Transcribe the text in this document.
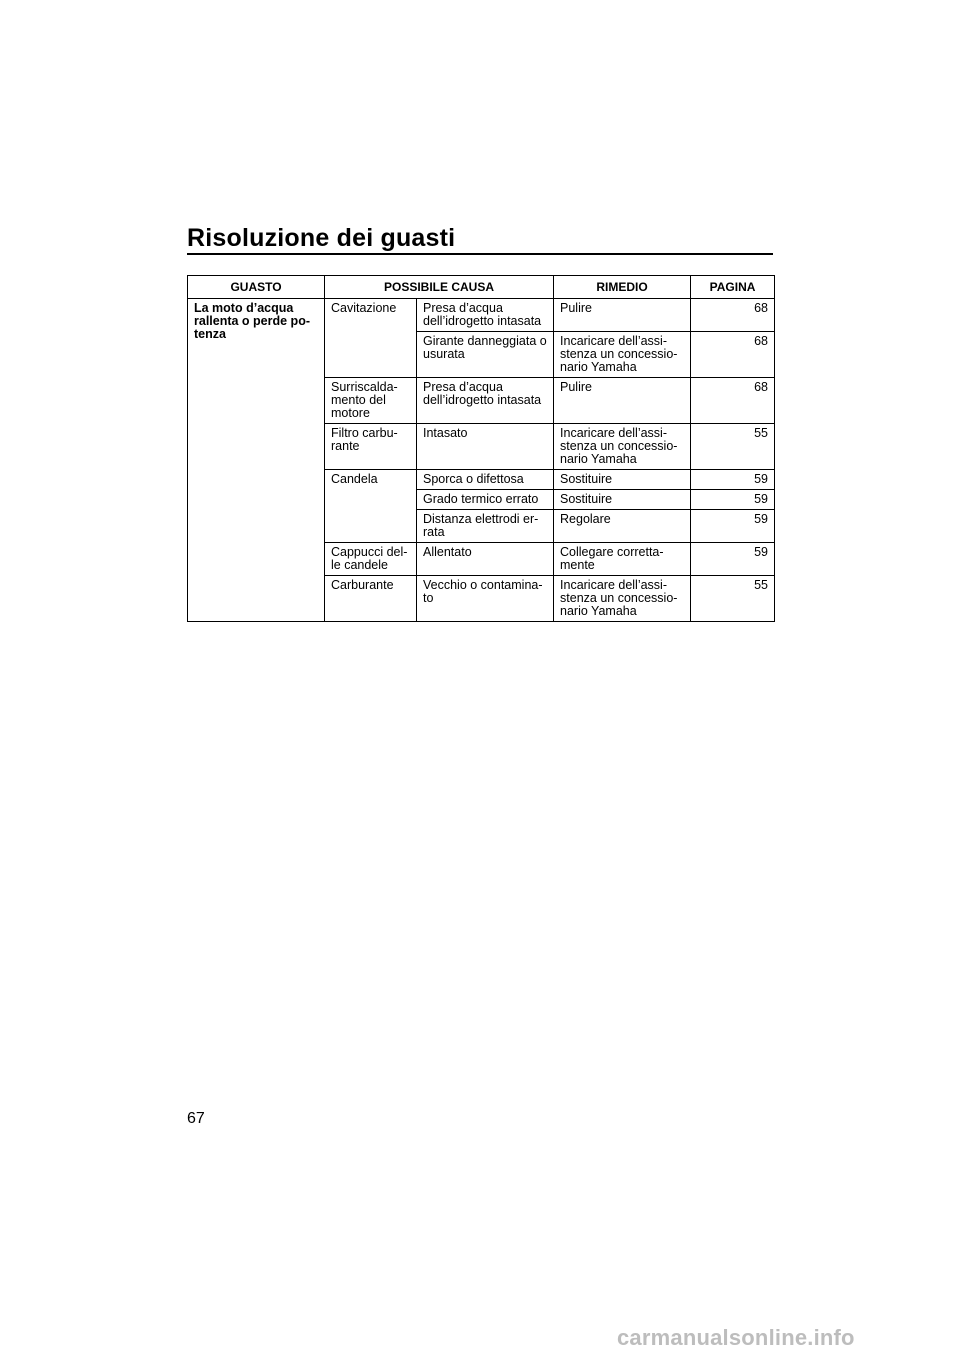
Risoluzione dei guasti
GUASTO	POSSIBILE CAUSA		RIMEDIO	PAGINA
La moto d’acqua
rallenta o perde po-
tenza	Cavitazione	Presa d’acqua dell’idrogetto intasata	Pulire	68
		Girante danneggiata o usurata	Incaricare dell’assi-stenza un concessio-nario Yamaha	68
	Surriscalda-mento del motore	Presa d’acqua dell’idrogetto intasata	Pulire	68
	Filtro carbu-rante	Intasato	Incaricare dell’assi-stenza un concessio-nario Yamaha	55
	Candela	Sporca o difettosa	Sostituire	59
		Grado termico errato	Sostituire	59
		Distanza elettrodi er-rata	Regolare	59
	Cappucci del-le candele	Allentato	Collegare corretta-mente	59
	Carburante	Vecchio o contamina-to	Incaricare dell’assi-stenza un concessio-nario Yamaha	55
67
carmanualsonline.info
